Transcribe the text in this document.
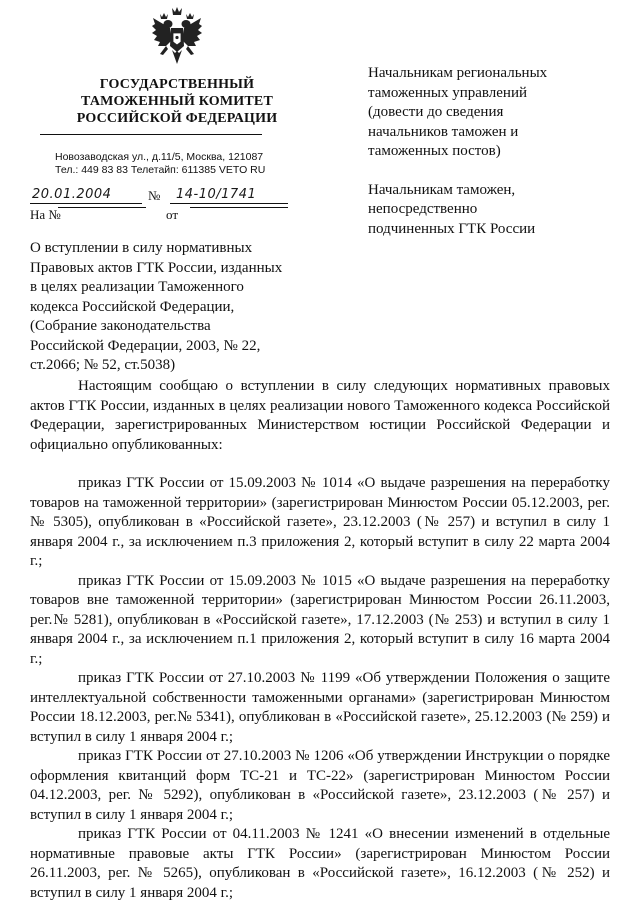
ГОСУДАРСТВЕННЫЙ
ТАМОЖЕННЫЙ КОМИТЕТ
РОССИЙСКОЙ ФЕДЕРАЦИИ
Новозаводская ул., д.11/5, Москва, 121087
Тел.: 449 83 83 Телетайп: 611385 VETO RU
20.01.2004	№ 14-10/1741
На №	от
Начальникам региональных
таможенных управлений
(довести до сведения
начальников таможен и
таможенных постов)
Начальникам таможен,
непосредственно
подчиненных ГТК России
О вступлении в силу нормативных
Правовых актов ГТК России, изданных
в целях реализации Таможенного
кодекса Российской Федерации,
(Собрание законодательства
Российской Федерации, 2003, № 22,
ст.2066; № 52, ст.5038)

Настоящим сообщаю о вступлении в силу следующих нормативных правовых актов ГТК России, изданных в целях реализации нового Таможенного кодекса Российской Федерации, зарегистрированных Министерством юстиции Российской Федерации и официально опубликованных:

приказ ГТК России от 15.09.2003 № 1014 «О выдаче разрешения на переработку товаров на таможенной территории» (зарегистрирован Минюстом России 05.12.2003, рег.№ 5305), опубликован в «Российской газете», 23.12.2003 (№ 257) и вступил в силу 1 января 2004 г., за исключением п.3 приложения 2, который вступит в силу 22 марта 2004 г.;

приказ ГТК России от 15.09.2003 № 1015 «О выдаче разрешения на переработку товаров вне таможенной территории» (зарегистрирован Минюстом России 26.11.2003, рег.№ 5281), опубликован в «Российской газете», 17.12.2003 (№ 253) и вступил в силу 1 января 2004 г., за исключением п.1 приложения 2, который вступит в силу 16 марта 2004 г.;

приказ ГТК России от 27.10.2003 № 1199 «Об утверждении Положения о защите интеллектуальной собственности таможенными органами» (зарегистрирован Минюстом России 18.12.2003, рег.№ 5341), опубликован в «Российской газете», 25.12.2003 (№ 259) и вступил в силу 1 января 2004 г.;

приказ ГТК России от 27.10.2003 № 1206 «Об утверждении Инструкции о порядке оформления квитанций форм ТС-21 и ТС-22» (зарегистрирован Минюстом России 04.12.2003, рег. № 5292), опубликован в «Российской газете», 23.12.2003 (№ 257) и вступил в силу 1 января 2004 г.;

приказ ГТК России от 04.11.2003 № 1241 «О внесении изменений в отдельные нормативные правовые акты ГТК России» (зарегистрирован Минюстом России 26.11.2003, рег. № 5265), опубликован в «Российской газете», 16.12.2003 (№ 252) и вступил в силу 1 января 2004 г.;
